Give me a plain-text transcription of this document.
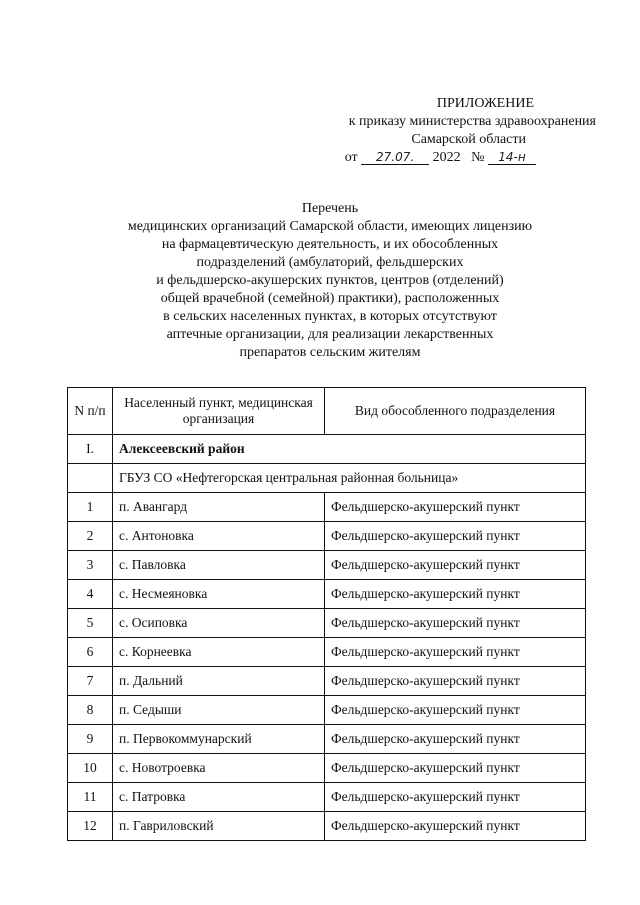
ПРИЛОЖЕНИЕ
к приказу министерства здравоохранения
Самарской области
от 27.07. 2022 № 14-н
Перечень
медицинских организаций Самарской области, имеющих лицензию
на фармацевтическую деятельность, и их обособленных
подразделений (амбулаторий, фельдшерских
и фельдшерско-акушерских пунктов, центров (отделений)
общей врачебной (семейной) практики), расположенных
в сельских населенных пунктах, в которых отсутствуют
аптечные организации, для реализации лекарственных
препаратов сельским жителям
N п/п	Населенный пункт, медицинская организация	Вид обособленного подразделения
I.	Алексеевский район	
	ГБУЗ СО «Нефтегорская центральная районная больница»	
1	п. Авангард	Фельдшерско-акушерский пункт
2	с. Антоновка	Фельдшерско-акушерский пункт
3	с. Павловка	Фельдшерско-акушерский пункт
4	с. Несмеяновка	Фельдшерско-акушерский пункт
5	с. Осиповка	Фельдшерско-акушерский пункт
6	с. Корнеевка	Фельдшерско-акушерский пункт
7	п. Дальний	Фельдшерско-акушерский пункт
8	п. Седыши	Фельдшерско-акушерский пункт
9	п. Первокоммунарский	Фельдшерско-акушерский пункт
10	с. Новотроевка	Фельдшерско-акушерский пункт
11	с. Патровка	Фельдшерско-акушерский пункт
12	п. Гавриловский	Фельдшерско-акушерский пункт
